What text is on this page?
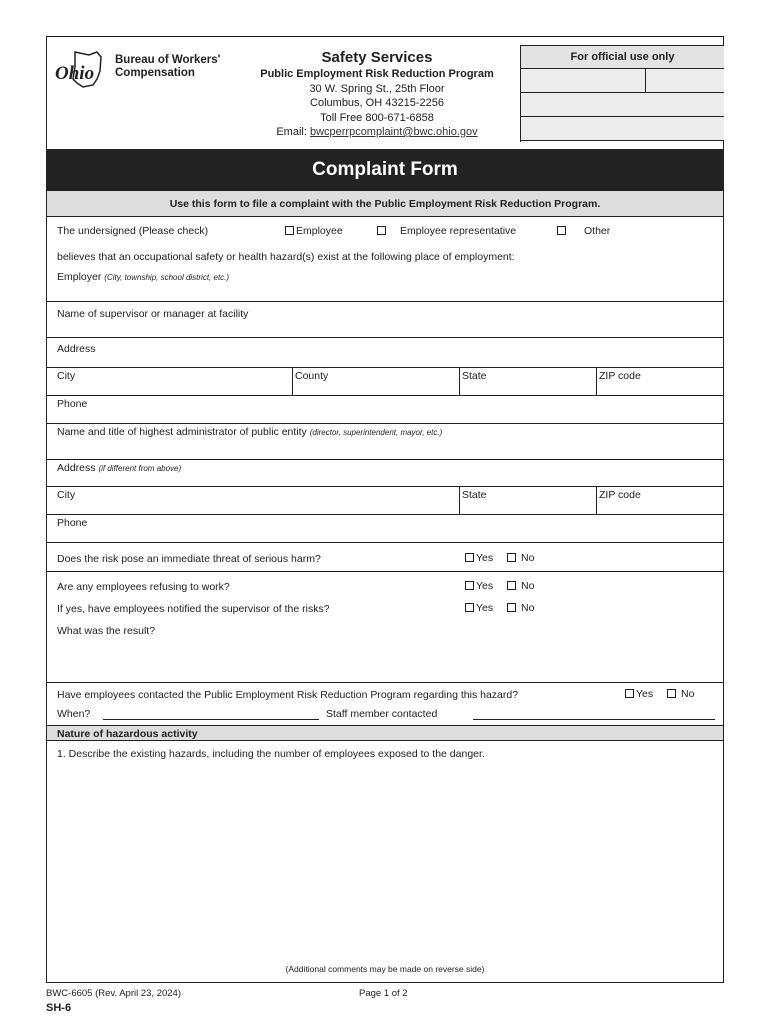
Ohio
Bureau of Workers'
Compensation
Safety Services
Public Employment Risk Reduction Program
30 W. Spring St., 25th Floor
Columbus, OH 43215-2256
Toll Free 800-671-6858
Email: bwcperrpcomplaint@bwc.ohio.gov
For official use only
Complaint Form
Use this form to file a complaint with the Public Employment Risk Reduction Program.
The undersigned (Please check)	Employee	Employee representative	Other
believes that an occupational safety or health hazard(s) exist at the following place of employment:
Employer (City, township, school district, etc.)
Name of supervisor or manager at facility
Address
City	County	State	ZIP code
Phone
Name and title of highest administrator of public entity (director, superintendent, mayor, etc.)
Address (if different from above)
City	State	ZIP code
Phone
Does the risk pose an immediate threat of serious harm?	Yes	No
Are any employees refusing to work?	Yes	No
If yes, have employees notified the supervisor of the risks?	Yes	No
What was the result?
Have employees contacted the Public Employment Risk Reduction Program regarding this hazard?	Yes	No
When?	Staff member contacted
Nature of hazardous activity
1. Describe the existing hazards, including the number of employees exposed to the danger.
(Additional comments may be made on reverse side)
BWC-6605 (Rev. April 23, 2024)	Page 1 of 2
SH-6
